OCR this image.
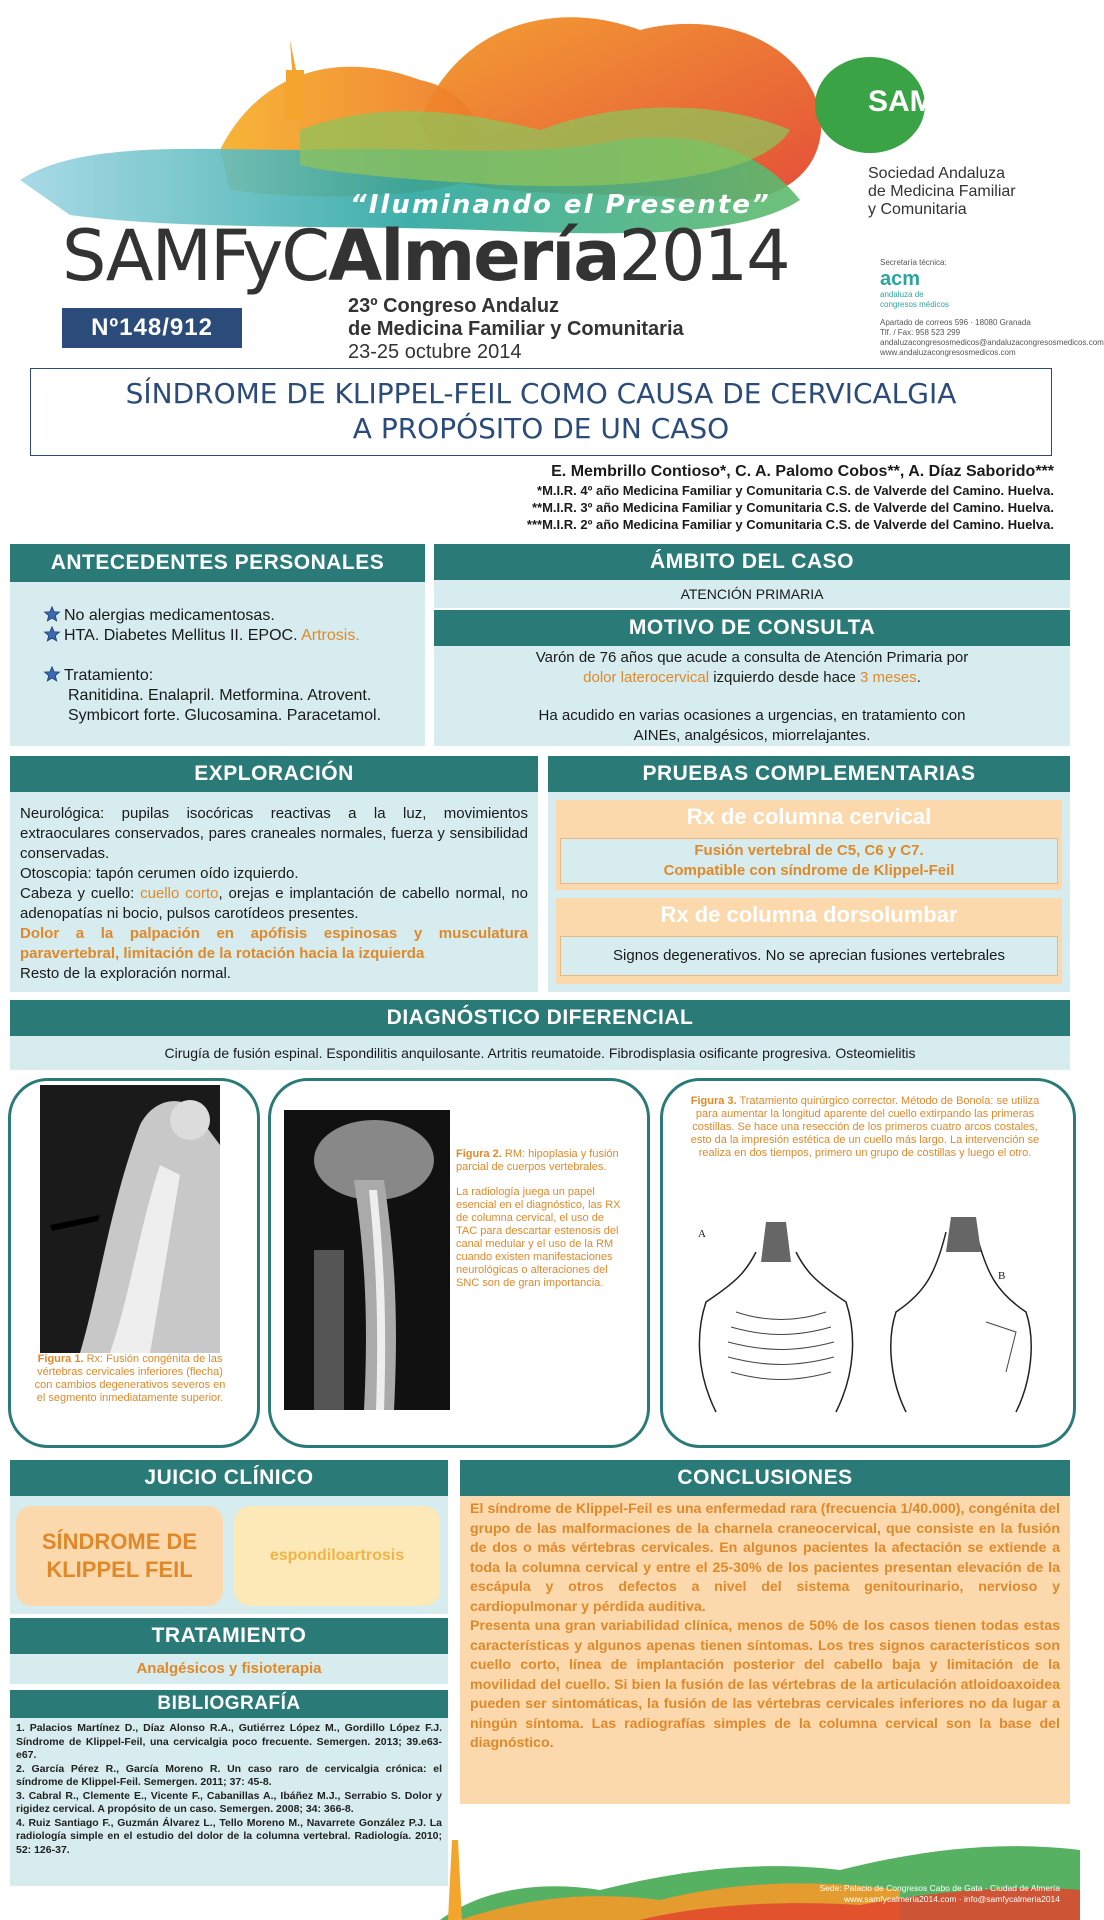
“Iluminando el Presente”
SAMFyCAlmería2014
Nº148/912
23º Congreso Andaluz
de Medicina Familiar y Comunitaria
23-25 octubre 2014
SAMFyC
Sociedad Andaluza
de Medicina Familiar
y Comunitaria
Secretaría técnica:
acm
andaluza de
congresos médicos
Apartado de correos 596 · 18080 Granada
Tlf. / Fax: 958 523 299
andaluzacongresosmedicos@andaluzacongresosmedicos.com
www.andaluzacongresosmedicos.com
SÍNDROME DE KLIPPEL-FEIL COMO CAUSA DE CERVICALGIA
A PROPÓSITO DE UN CASO
E. Membrillo Contioso*, C. A. Palomo Cobos**, A. Díaz Saborido***
*M.I.R. 4º año Medicina Familiar y Comunitaria C.S. de Valverde del Camino. Huelva.
**M.I.R. 3º año Medicina Familiar y Comunitaria C.S. de Valverde del Camino. Huelva.
***M.I.R. 2º año Medicina Familiar y Comunitaria C.S. de Valverde del Camino. Huelva.
ANTECEDENTES PERSONALES
No alergias medicamentosas.
HTA. Diabetes Mellitus II. EPOC. Artrosis.
Tratamiento:
Ranitidina. Enalapril. Metformina. Atrovent.
Symbicort forte. Glucosamina. Paracetamol.
ÁMBITO DEL CASO
ATENCIÓN PRIMARIA
MOTIVO DE CONSULTA
Varón de 76 años que acude a consulta de Atención Primaria por
dolor laterocervical izquierdo desde hace 3 meses.
Ha acudido en varias ocasiones a urgencias, en tratamiento con
AINEs, analgésicos, miorrelajantes.
EXPLORACIÓN

Neurológica: pupilas isocóricas reactivas a la luz, movimientos extraoculares conservados, pares craneales normales, fuerza y sensibilidad conservadas.

Otoscopia: tapón cerumen oído izquierdo.

Cabeza y cuello: cuello corto, orejas e implantación de cabello normal, no adenopatías ni bocio, pulsos carotídeos presentes.

Dolor a la palpación en apófisis espinosas y musculatura paravertebral, limitación de la rotación hacia la izquierda

Resto de la exploración normal.

PRUEBAS COMPLEMENTARIAS
Rx de columna cervical
Fusión vertebral de C5, C6 y C7.
Compatible con síndrome de Klippel-Feil
Rx de columna dorsolumbar
Signos degenerativos. No se aprecian fusiones vertebrales
DIAGNÓSTICO DIFERENCIAL
Cirugía de fusión espinal. Espondilitis anquilosante. Artritis reumatoide. Fibrodisplasia osificante progresiva. Osteomielitis
Figura 1. Rx: Fusión congénita de las vértebras cervicales inferiores (flecha) con cambios degenerativos severos en el segmento inmediatamente superior.

Figura 2. RM: hipoplasia y fusión parcial de cuerpos vertebrales.

La radiología juega un papel esencial en el diagnóstico, las RX de columna cervical, el uso de TAC para descartar estenosis del canal medular y el uso de la RM cuando existen manifestaciones neurológicas o alteraciones del SNC son de gran importancia.

Figura 3. Tratamiento quirúrgico corrector. Método de Bonola: se utiliza para aumentar la longitud aparente del cuello extirpando las primeras costillas. Se hace una resección de los primeros cuatro arcos costales, esto da la impresión estética de un cuello más largo. La intervención se realiza en dos tiempos, primero un grupo de costillas y luego el otro.
A
B
JUICIO CLÍNICO
SÍNDROME DE
KLIPPEL FEIL
espondiloartrosis
TRATAMIENTO
Analgésicos y fisioterapia
BIBLIOGRAFÍA

1. Palacios Martínez D., Díaz Alonso R.A., Gutiérrez López M., Gordillo López F.J. Síndrome de Klippel-Feil, una cervicalgia poco frecuente. Semergen. 2013; 39.e63-e67.

2. García Pérez R., García Moreno R. Un caso raro de cervicalgia crónica: el síndrome de Klippel-Feil. Semergen. 2011; 37: 45-8.

3. Cabral R., Clemente E., Vicente F., Cabanillas A., Ibáñez M.J., Serrabio S. Dolor y rigidez cervical. A propósito de un caso. Semergen. 2008; 34: 366-8.

4. Ruiz Santiago F., Guzmán Álvarez L., Tello Moreno M., Navarrete González P.J. La radiología simple en el estudio del dolor de la columna vertebral. Radiología. 2010; 52: 126-37.

CONCLUSIONES

El síndrome de Klippel-Feil es una enfermedad rara (frecuencia 1/40.000), congénita del grupo de las malformaciones de la charnela craneocervical, que consiste en la fusión de dos o más vértebras cervicales. En algunos pacientes la afectación se extiende a toda la columna cervical y entre el 25-30% de los pacientes presentan elevación de la escápula y otros defectos a nivel del sistema genitourinario, nervioso y cardiopulmonar y pérdida auditiva.

Presenta una gran variabilidad clínica, menos de 50% de los casos tienen todas estas características y algunos apenas tienen síntomas. Los tres signos característicos son cuello corto, línea de implantación posterior del cabello baja y limitación de la movilidad del cuello. Si bien la fusión de las vértebras de la articulación atloidoaxoidea pueden ser sintomáticas, la fusión de las vértebras cervicales inferiores no da lugar a ningún síntoma. Las radiografías simples de la columna cervical son la base del diagnóstico.

Sede: Palacio de Congresos Cabo de Gata · Ciudad de Almería
www.samfycalmeria2014.com · info@samfycalmeria2014
